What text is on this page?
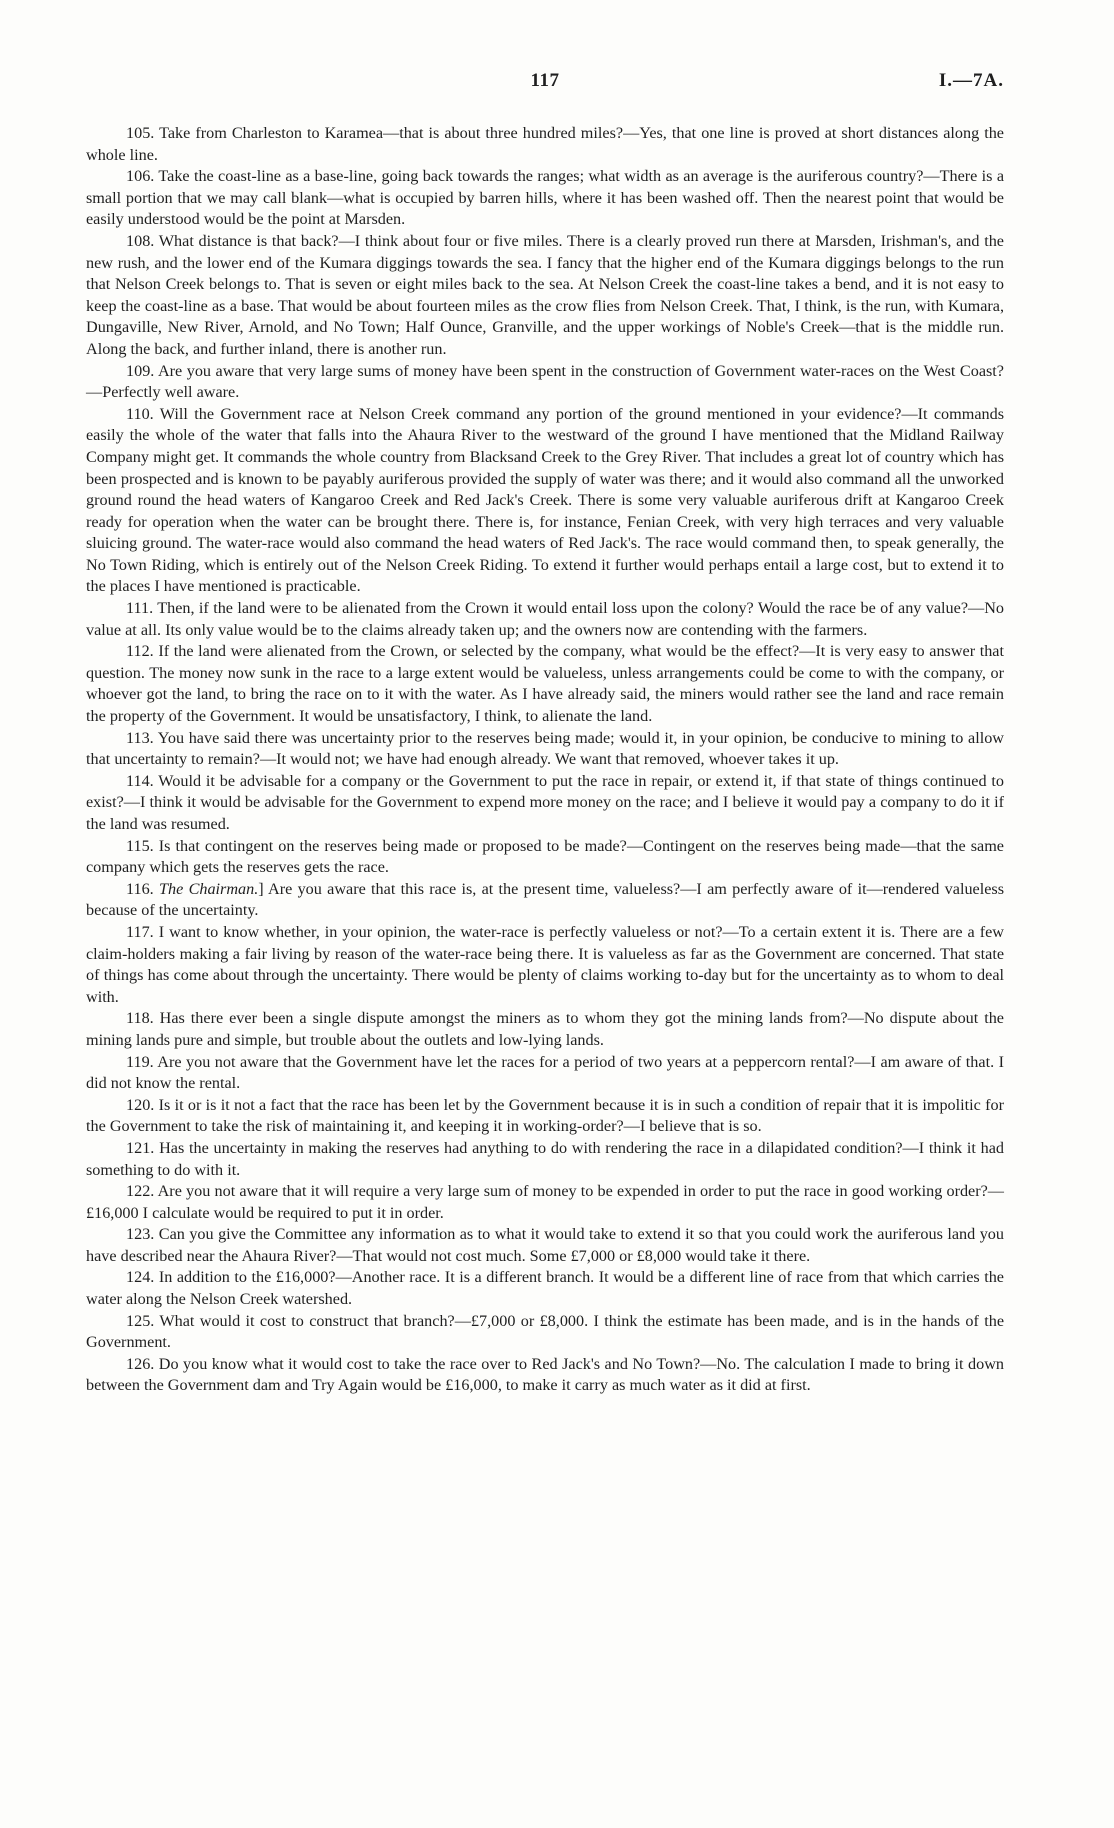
117	I.—7A.

105. Take from Charleston to Karamea—that is about three hundred miles?—Yes, that one line is proved at short distances along the whole line.

106. Take the coast-line as a base-line, going back towards the ranges; what width as an average is the auriferous country?—There is a small portion that we may call blank—what is occupied by barren hills, where it has been washed off. Then the nearest point that would be easily understood would be the point at Marsden.

108. What distance is that back?—I think about four or five miles. There is a clearly proved run there at Marsden, Irishman's, and the new rush, and the lower end of the Kumara diggings towards the sea. I fancy that the higher end of the Kumara diggings belongs to the run that Nelson Creek belongs to. That is seven or eight miles back to the sea. At Nelson Creek the coast-line takes a bend, and it is not easy to keep the coast-line as a base. That would be about fourteen miles as the crow flies from Nelson Creek. That, I think, is the run, with Kumara, Dungaville, New River, Arnold, and No Town; Half Ounce, Granville, and the upper workings of Noble's Creek—that is the middle run. Along the back, and further inland, there is another run.

109. Are you aware that very large sums of money have been spent in the construction of Government water-races on the West Coast?—Perfectly well aware.

110. Will the Government race at Nelson Creek command any portion of the ground mentioned in your evidence?—It commands easily the whole of the water that falls into the Ahaura River to the westward of the ground I have mentioned that the Midland Railway Company might get. It commands the whole country from Blacksand Creek to the Grey River. That includes a great lot of country which has been prospected and is known to be payably auriferous provided the supply of water was there; and it would also command all the unworked ground round the head waters of Kangaroo Creek and Red Jack's Creek. There is some very valuable auriferous drift at Kangaroo Creek ready for operation when the water can be brought there. There is, for instance, Fenian Creek, with very high terraces and very valuable sluicing ground. The water-race would also command the head waters of Red Jack's. The race would command then, to speak generally, the No Town Riding, which is entirely out of the Nelson Creek Riding. To extend it further would perhaps entail a large cost, but to extend it to the places I have mentioned is practicable.

111. Then, if the land were to be alienated from the Crown it would entail loss upon the colony? Would the race be of any value?—No value at all. Its only value would be to the claims already taken up; and the owners now are contending with the farmers.

112. If the land were alienated from the Crown, or selected by the company, what would be the effect?—It is very easy to answer that question. The money now sunk in the race to a large extent would be valueless, unless arrangements could be come to with the company, or whoever got the land, to bring the race on to it with the water. As I have already said, the miners would rather see the land and race remain the property of the Government. It would be unsatisfactory, I think, to alienate the land.

113. You have said there was uncertainty prior to the reserves being made; would it, in your opinion, be conducive to mining to allow that uncertainty to remain?—It would not; we have had enough already. We want that removed, whoever takes it up.

114. Would it be advisable for a company or the Government to put the race in repair, or extend it, if that state of things continued to exist?—I think it would be advisable for the Government to expend more money on the race; and I believe it would pay a company to do it if the land was resumed.

115. Is that contingent on the reserves being made or proposed to be made?—Contingent on the reserves being made—that the same company which gets the reserves gets the race.

116. The Chairman.] Are you aware that this race is, at the present time, valueless?—I am perfectly aware of it—rendered valueless because of the uncertainty.

117. I want to know whether, in your opinion, the water-race is perfectly valueless or not?—To a certain extent it is. There are a few claim-holders making a fair living by reason of the water-race being there. It is valueless as far as the Government are concerned. That state of things has come about through the uncertainty. There would be plenty of claims working to-day but for the uncertainty as to whom to deal with.

118. Has there ever been a single dispute amongst the miners as to whom they got the mining lands from?—No dispute about the mining lands pure and simple, but trouble about the outlets and low-lying lands.

119. Are you not aware that the Government have let the races for a period of two years at a peppercorn rental?—I am aware of that. I did not know the rental.

120. Is it or is it not a fact that the race has been let by the Government because it is in such a condition of repair that it is impolitic for the Government to take the risk of maintaining it, and keeping it in working-order?—I believe that is so.

121. Has the uncertainty in making the reserves had anything to do with rendering the race in a dilapidated condition?—I think it had something to do with it.

122. Are you not aware that it will require a very large sum of money to be expended in order to put the race in good working order?—£16,000 I calculate would be required to put it in order.

123. Can you give the Committee any information as to what it would take to extend it so that you could work the auriferous land you have described near the Ahaura River?—That would not cost much. Some £7,000 or £8,000 would take it there.

124. In addition to the £16,000?—Another race. It is a different branch. It would be a different line of race from that which carries the water along the Nelson Creek watershed.

125. What would it cost to construct that branch?—£7,000 or £8,000. I think the estimate has been made, and is in the hands of the Government.

126. Do you know what it would cost to take the race over to Red Jack's and No Town?—No. The calculation I made to bring it down between the Government dam and Try Again would be £16,000, to make it carry as much water as it did at first.
